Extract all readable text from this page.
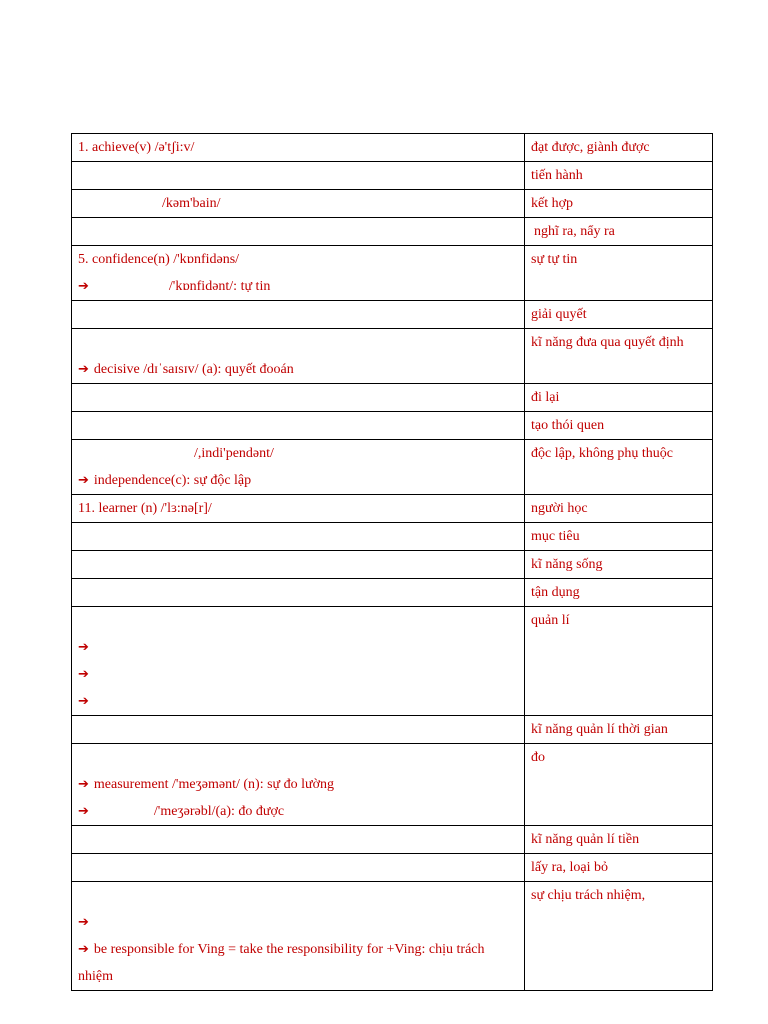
1. achieve(v) /ə'tʃi:v/	đạt được, giành được

	tiến hành

/kəm'bain/	kết hợp

	nghĩ ra, nẩy ra

5. confidence(n) /'kɒnfidəns/
➔ /'kɒnfidənt/: tự tin	sự tự tin

	giải quyết

➔ decisive /dɪˈsaɪsɪv/ (a): quyết đooán	kĩ năng đưa qua quyết định

	đi lại

	tạo thói quen

/,indi'pendənt/
➔ independence(c): sự độc lập	độc lập, không phụ thuộc

11. learner (n) /'lɜ:nə[r]/	người học

	mục tiêu

	kĩ năng sống

	tận dụng

➔
➔
➔	quản lí

	kĩ năng quản lí thời gian

➔ measurement /'meʒəmənt/ (n): sự đo lường
➔ /'meʒərəbl/(a): đo được	đo

	kĩ năng quản lí tiền

	lấy ra, loại bỏ

➔
➔ be responsible for Ving = take the responsibility for +Ving: chịu trách nhiệm	sự chịu trách nhiệm,
